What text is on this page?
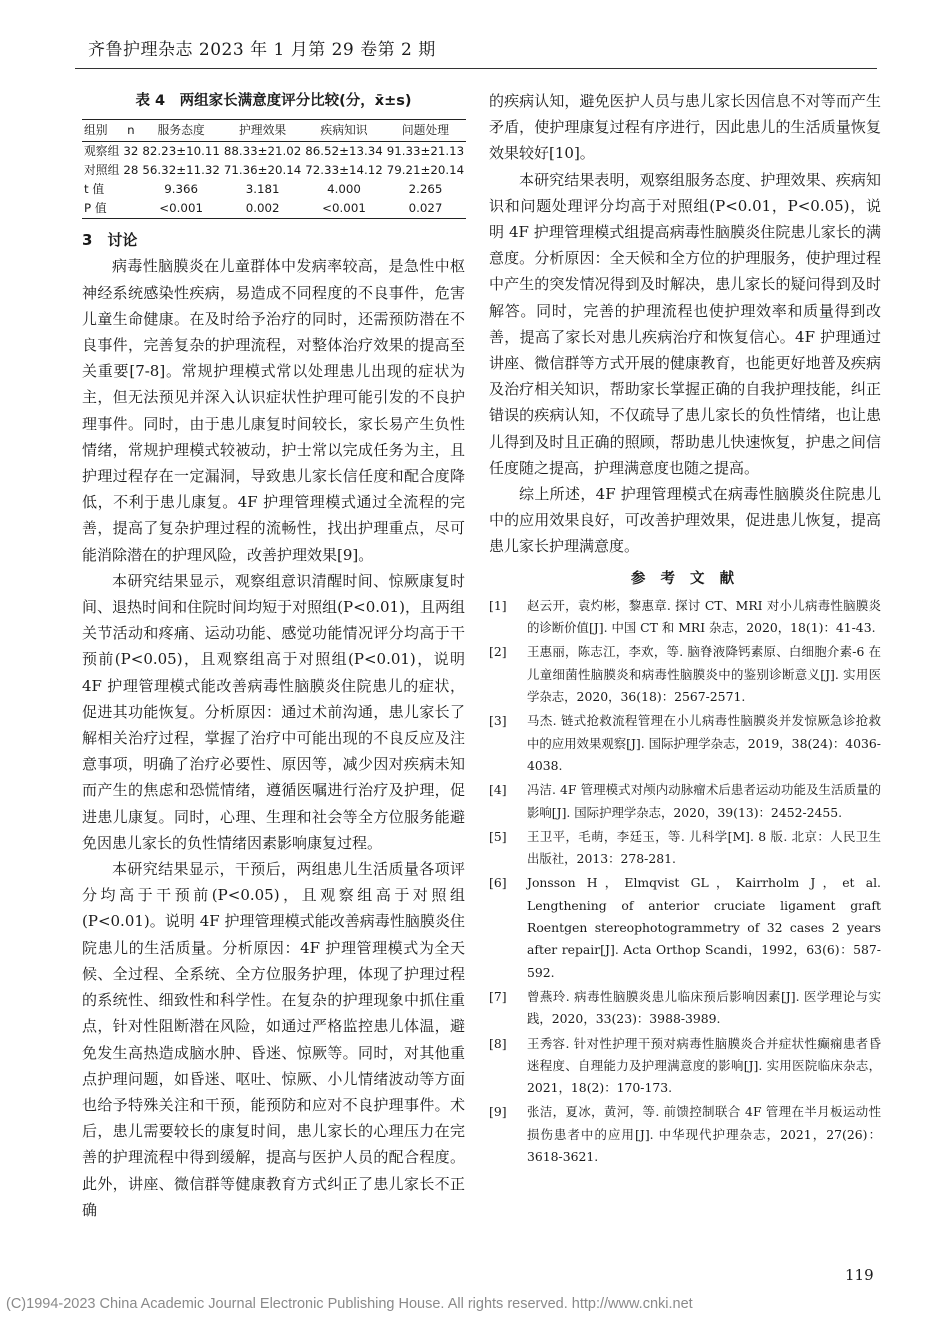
齐鲁护理杂志 2023 年 1 月第 29 卷第 2 期
表 4　两组家长满意度评分比较(分，x̄±s)
组别	n	服务态度	护理效果	疾病知识	问题处理
观察组	32	82.23±10.11	88.33±21.02	86.52±13.34	91.33±21.13
对照组	28	56.32±11.32	71.36±20.14	72.33±14.12	79.21±20.14
t 值		9.366	3.181	4.000	2.265
P 值		<0.001	0.002	<0.001	0.027
3　讨论

病毒性脑膜炎在儿童群体中发病率较高，是急性中枢神经系统感染性疾病，易造成不同程度的不良事件，危害儿童生命健康。在及时给予治疗的同时，还需预防潜在不良事件，完善复杂的护理流程，对整体治疗效果的提高至关重要[7-8]。常规护理模式常以处理患儿出现的症状为主，但无法预见并深入认识症状性护理可能引发的不良护理事件。同时，由于患儿康复时间较长，家长易产生负性情绪，常规护理模式较被动，护士常以完成任务为主，且护理过程存在一定漏洞，导致患儿家长信任度和配合度降低，不利于患儿康复。4F 护理管理模式通过全流程的完善，提高了复杂护理过程的流畅性，找出护理重点，尽可能消除潜在的护理风险，改善护理效果[9]。

本研究结果显示，观察组意识清醒时间、惊厥康复时间、退热时间和住院时间均短于对照组(P<0.01)，且两组关节活动和疼痛、运动功能、感觉功能情况评分均高于干预前(P<0.05)，且观察组高于对照组(P<0.01)，说明 4F 护理管理模式能改善病毒性脑膜炎住院患儿的症状，促进其功能恢复。分析原因：通过术前沟通，患儿家长了解相关治疗过程，掌握了治疗中可能出现的不良反应及注意事项，明确了治疗必要性、原因等，减少因对疾病未知而产生的焦虑和恐慌情绪，遵循医嘱进行治疗及护理，促进患儿康复。同时，心理、生理和社会等全方位服务能避免因患儿家长的负性情绪因素影响康复过程。

本研究结果显示，干预后，两组患儿生活质量各项评分均高于干预前(P<0.05)，且观察组高于对照组(P<0.01)。说明 4F 护理管理模式能改善病毒性脑膜炎住院患儿的生活质量。分析原因：4F 护理管理模式为全天候、全过程、全系统、全方位服务护理，体现了护理过程的系统性、细致性和科学性。在复杂的护理现象中抓住重点，针对性阻断潜在风险，如通过严格监控患儿体温，避免发生高热造成脑水肿、昏迷、惊厥等。同时，对其他重点护理问题，如昏迷、呕吐、惊厥、小儿情绪波动等方面也给予特殊关注和干预，能预防和应对不良护理事件。术后，患儿需要较长的康复时间，患儿家长的心理压力在完善的护理流程中得到缓解，提高与医护人员的配合程度。此外，讲座、微信群等健康教育方式纠正了患儿家长不正确

的疾病认知，避免医护人员与患儿家长因信息不对等而产生矛盾，使护理康复过程有序进行，因此患儿的生活质量恢复效果较好[10]。

本研究结果表明，观察组服务态度、护理效果、疾病知识和问题处理评分均高于对照组(P<0.01，P<0.05)，说明 4F 护理管理模式组提高病毒性脑膜炎住院患儿家长的满意度。分析原因：全天候和全方位的护理服务，使护理过程中产生的突发情况得到及时解决，患儿家长的疑问得到及时解答。同时，完善的护理流程也使护理效率和质量得到改善，提高了家长对患儿疾病治疗和恢复信心。4F 护理通过讲座、微信群等方式开展的健康教育，也能更好地普及疾病及治疗相关知识，帮助家长掌握正确的自我护理技能，纠正错误的疾病认知，不仅疏导了患儿家长的负性情绪，也让患儿得到及时且正确的照顾，帮助患儿快速恢复，护患之间信任度随之提高，护理满意度也随之提高。

综上所述，4F 护理管理模式在病毒性脑膜炎住院患儿中的应用效果良好，可改善护理效果，促进患儿恢复，提高患儿家长护理满意度。

参 考 文 献
[1]	赵云开，袁灼彬，黎惠章. 探讨 CT、MRI 对小儿病毒性脑膜炎的诊断价值[J]. 中国 CT 和 MRI 杂志，2020，18(1)：41-43.
[2]	王惠丽，陈志江，李欢，等. 脑脊液降钙素原、白细胞介素-6 在儿童细菌性脑膜炎和病毒性脑膜炎中的鉴别诊断意义[J]. 实用医学杂志，2020，36(18)：2567-2571.
[3]	马杰. 链式抢救流程管理在小儿病毒性脑膜炎并发惊厥急诊抢救中的应用效果观察[J]. 国际护理学杂志，2019，38(24)：4036-4038.
[4]	冯洁. 4F 管理模式对颅内动脉瘤术后患者运动功能及生活质量的影响[J]. 国际护理学杂志，2020，39(13)：2452-2455.
[5]	王卫平，毛萌，李廷玉，等. 儿科学[M]. 8 版. 北京：人民卫生出版社，2013：278-281.
[6]	Jonsson H，Elmqvist GL，Kairrholm J，et al. Lengthening of anterior cruciate ligament graft Roentgen stereophotogrammetry of 32 cases 2 years after repair[J]. Acta Orthop Scandi，1992，63(6)：587-592.
[7]	曾燕玲. 病毒性脑膜炎患儿临床预后影响因素[J]. 医学理论与实践，2020，33(23)：3988-3989.
[8]	王秀容. 针对性护理干预对病毒性脑膜炎合并症状性癫痫患者昏迷程度、自理能力及护理满意度的影响[J]. 实用医院临床杂志，2021，18(2)：170-173.
[9]	张洁，夏冰，黄河，等. 前馈控制联合 4F 管理在半月板运动性损伤患者中的应用[J]. 中华现代护理杂志，2021，27(26)：3618-3621.
119
(C)1994-2023 China Academic Journal Electronic Publishing House. All rights reserved. http://www.cnki.net
